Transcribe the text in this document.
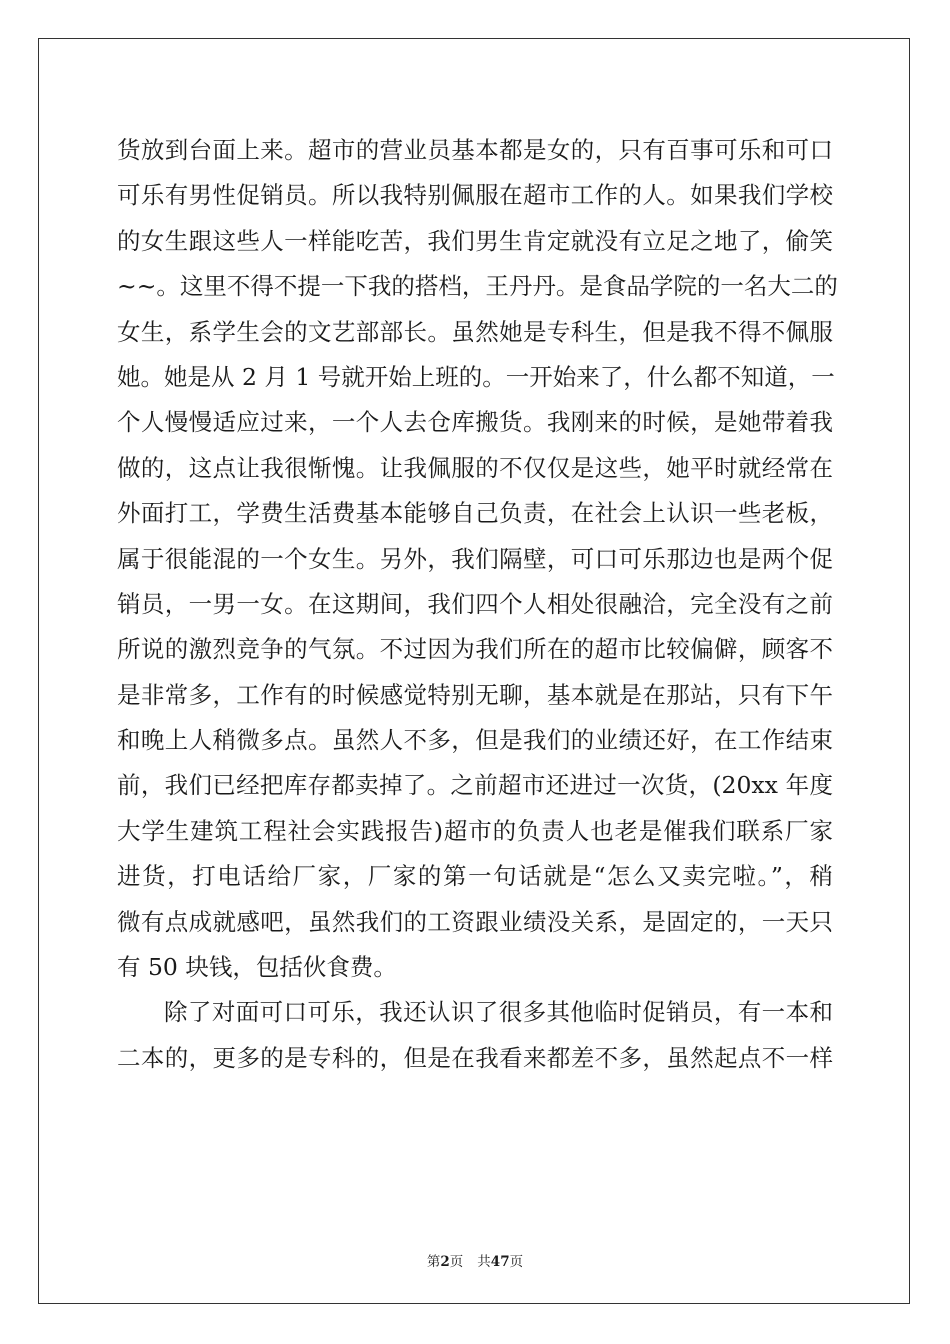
货放到台面上来。超市的营业员基本都是女的，只有百事可乐和可口
可乐有男性促销员。所以我特别佩服在超市工作的人。如果我们学校
的女生跟这些人一样能吃苦，我们男生肯定就没有立足之地了，偷笑
~~。这里不得不提一下我的搭档，王丹丹。是食品学院的一名大二的
女生，系学生会的文艺部部长。虽然她是专科生，但是我不得不佩服
她。她是从 2 月 1 号就开始上班的。一开始来了，什么都不知道，一
个人慢慢适应过来，一个人去仓库搬货。我刚来的时候，是她带着我
做的，这点让我很惭愧。让我佩服的不仅仅是这些，她平时就经常在
外面打工，学费生活费基本能够自己负责，在社会上认识一些老板，
属于很能混的一个女生。另外，我们隔壁，可口可乐那边也是两个促
销员，一男一女。在这期间，我们四个人相处很融洽，完全没有之前
所说的激烈竞争的气氛。不过因为我们所在的超市比较偏僻，顾客不
是非常多，工作有的时候感觉特别无聊，基本就是在那站，只有下午
和晚上人稍微多点。虽然人不多，但是我们的业绩还好，在工作结束
前，我们已经把库存都卖掉了。之前超市还进过一次货，(20xx 年度
大学生建筑工程社会实践报告)超市的负责人也老是催我们联系厂家
进货，打电话给厂家，厂家的第一句话就是“怎么又卖完啦。”，稍
微有点成就感吧，虽然我们的工资跟业绩没关系，是固定的，一天只
有 50 块钱，包括伙食费。
除了对面可口可乐，我还认识了很多其他临时促销员，有一本和
二本的，更多的是专科的，但是在我看来都差不多，虽然起点不一样
第2页 共47页
